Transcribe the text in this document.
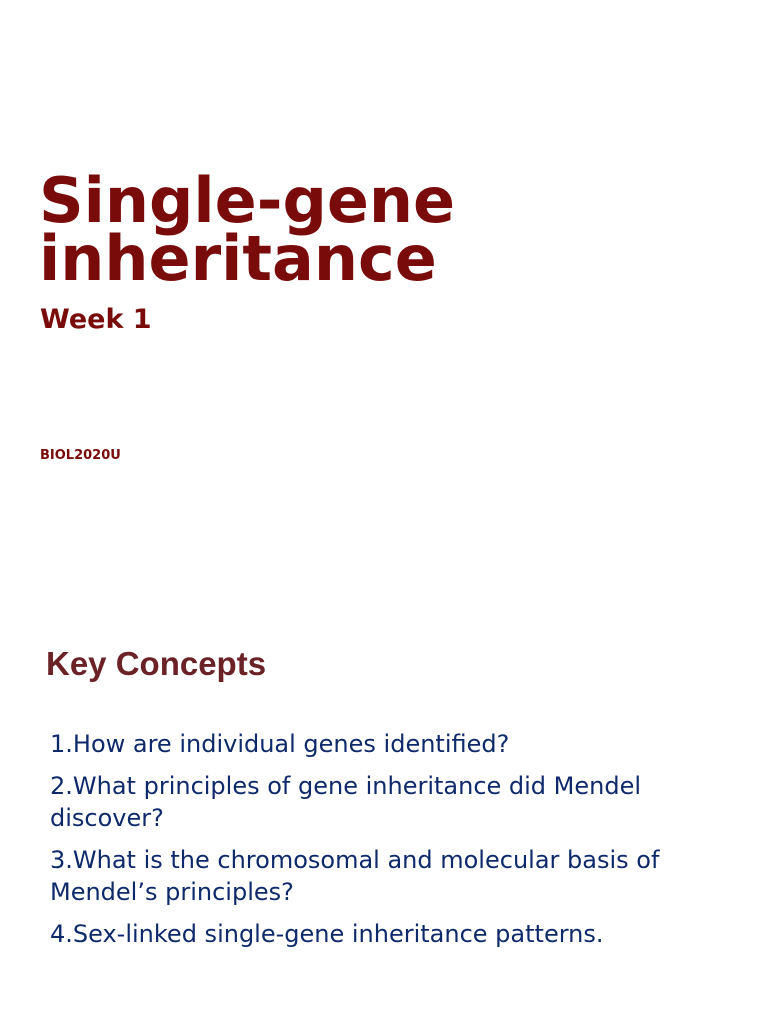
Single-gene inheritance
Week 1

BIOL2020U

Key Concepts
1.How are individual genes identified?
2.What principles of gene inheritance did Mendel discover?
3.What is the chromosomal and molecular basis of Mendel’s principles?
4.Sex-linked single-gene inheritance patterns.
